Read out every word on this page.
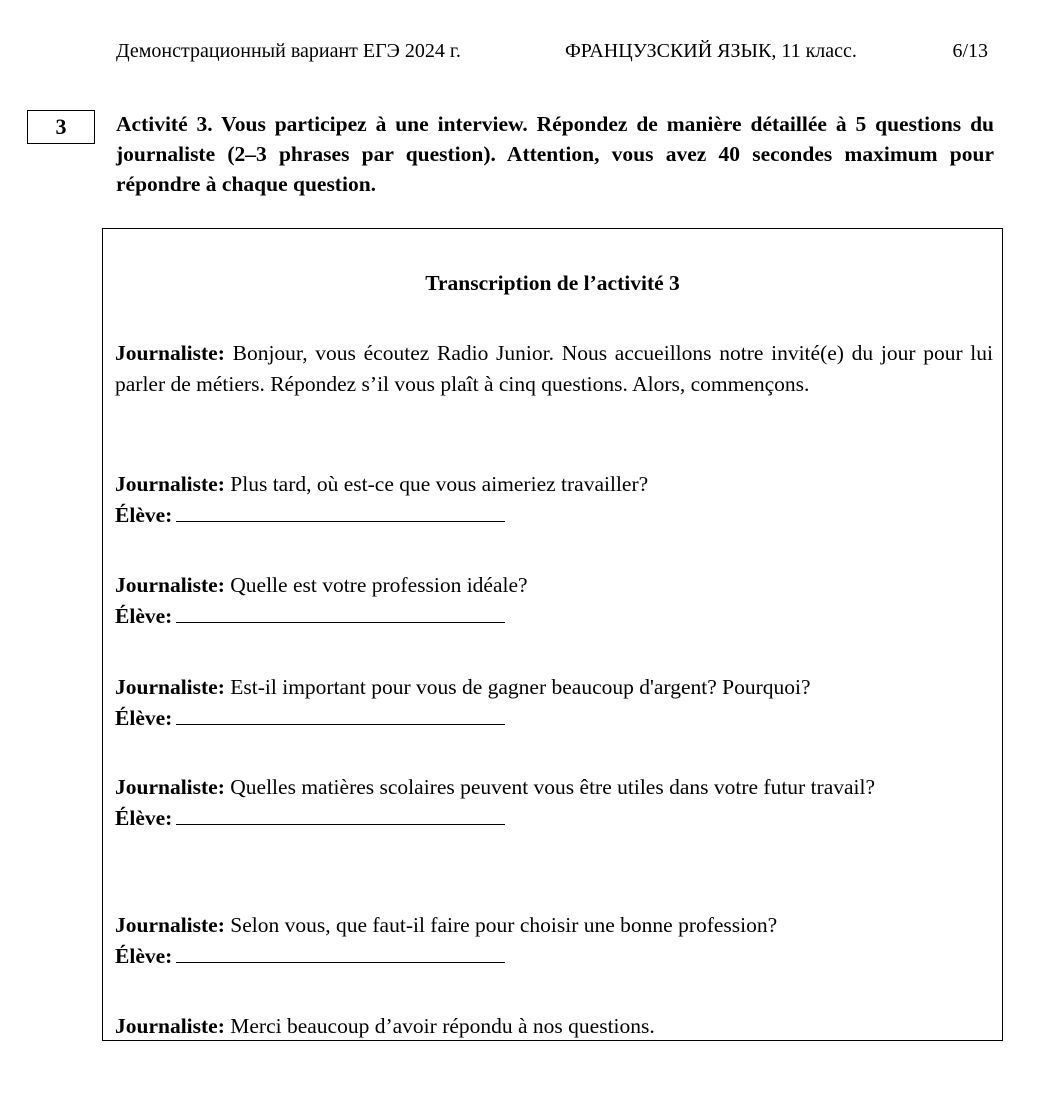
Демонстрационный вариант ЕГЭ 2024 г.	ФРАНЦУЗСКИЙ ЯЗЫК, 11 класс.	6/13
3	Activité 3. Vous participez à une interview. Répondez de manière détaillée à 5 questions du journaliste (2–3 phrases par question). Attention, vous avez 40 secondes maximum pour répondre à chaque question.
Transcription de l’activité 3
Journaliste: Bonjour, vous écoutez Radio Junior. Nous accueillons notre invité(e) du jour pour lui parler de métiers. Répondez s’il vous plaît à cinq questions. Alors, commençons.
Journaliste: Plus tard, où est-ce que vous aimeriez travailler?
Élève:
Journaliste: Quelle est votre profession idéale?
Élève:
Journaliste: Est-il important pour vous de gagner beaucoup d'argent? Pourquoi?
Élève:
Journaliste: Quelles matières scolaires peuvent vous être utiles dans votre futur travail?
Élève:
Journaliste: Selon vous, que faut-il faire pour choisir une bonne profession?
Élève:
Journaliste: Merci beaucoup d’avoir répondu à nos questions.
